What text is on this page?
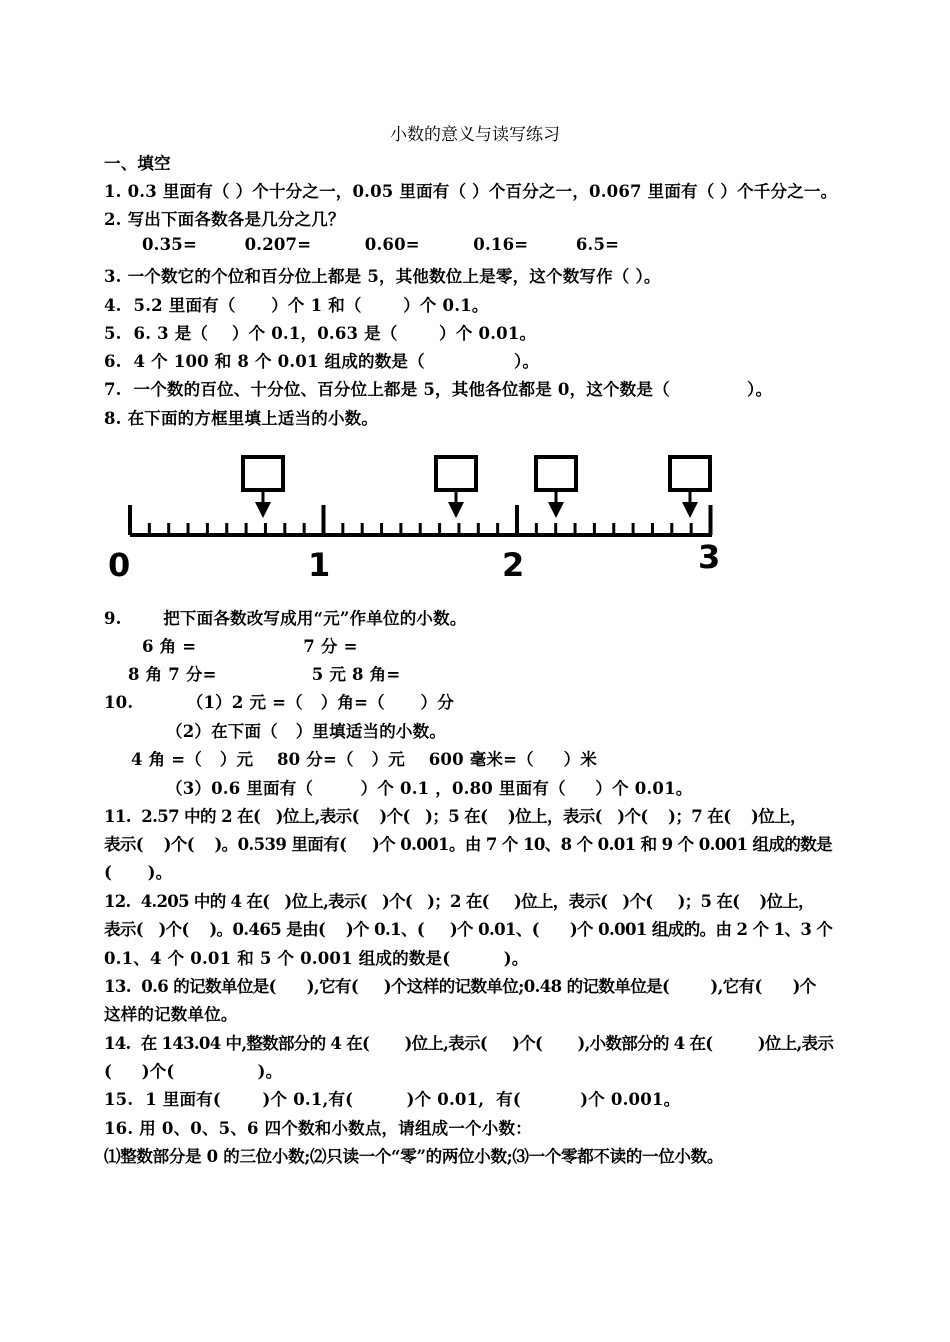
小数的意义与读写练习
一、填空
1. 0.3 里面有（ ）个十分之一，0.05 里面有（ ）个百分之一，0.067 里面有（ ）个千分之一。
2. 写出下面各数各是几分之几？
0.35=        0.207=         0.60=         0.16=        6.5=
3. 一个数它的个位和百分位上都是 5，其他数位上是零，这个数写作（ ）。
4.  5.2 里面有（      ）个 1 和（       ）个 0.1。
5.  6. 3 是（    ）个 0.1，0.63 是（       ）个 0.01。
6.  4 个 100 和 8 个 0.01 组成的数是（               ）。
7.  一个数的百位、十分位、百分位上都是 5，其他各位都是 0，这个数是（             ）。
8. 在下面的方框里填上适当的小数。
0	1	2	3
9.       把下面各数改写成用“元”作单位的小数。
6 角 =                  7 分 =
8 角 7 分=                5 元 8 角=
10.         （1）2 元 =（   ）角=（      ）分
（2）在下面（   ）里填适当的小数。
4 角 =（   ）元    80 分=（   ）元    600 毫米=（     ）米
（3）0.6 里面有（        ）个 0.1 ，0.80 里面有（     ）个 0.01。
11.  2.57 中的 2 在(   )位上,表示(    )个(   )；5 在(    )位上，表示(   )个(    )；7 在(    )位上，
表示(    )个(    )。0.539 里面有(     )个 0.001。由 7 个 10、8 个 0.01 和 9 个 0.001 组成的数是
(      )。
12.  4.205 中的 4 在(   )位上,表示(   )个(   )；2 在(     )位上，表示(   )个(     )；5 在(    )位上，
表示(   )个(    )。0.465 是由(    )个 0.1、(     )个 0.01、(      )个 0.001 组成的。由 2 个 1、3 个
0.1、4 个 0.01 和 5 个 0.001 组成的数是(         )。
13.  0.6 的记数单位是(      ),它有(     )个这样的记数单位;0.48 的记数单位是(        ),它有(      )个
这样的记数单位。
14.  在 143.04 中,整数部分的 4 在(       )位上,表示(     )个(       ),小数部分的 4 在(         )位上,表示
(     )个(              )。
15.  1 里面有(       )个 0.1,有(         )个 0.01,  有(          )个 0.001。
16. 用 0、0、5、6 四个数和小数点，请组成一个小数：
⑴整数部分是 0 的三位小数;⑵只读一个“零”的两位小数;⑶一个零都不读的一位小数。
